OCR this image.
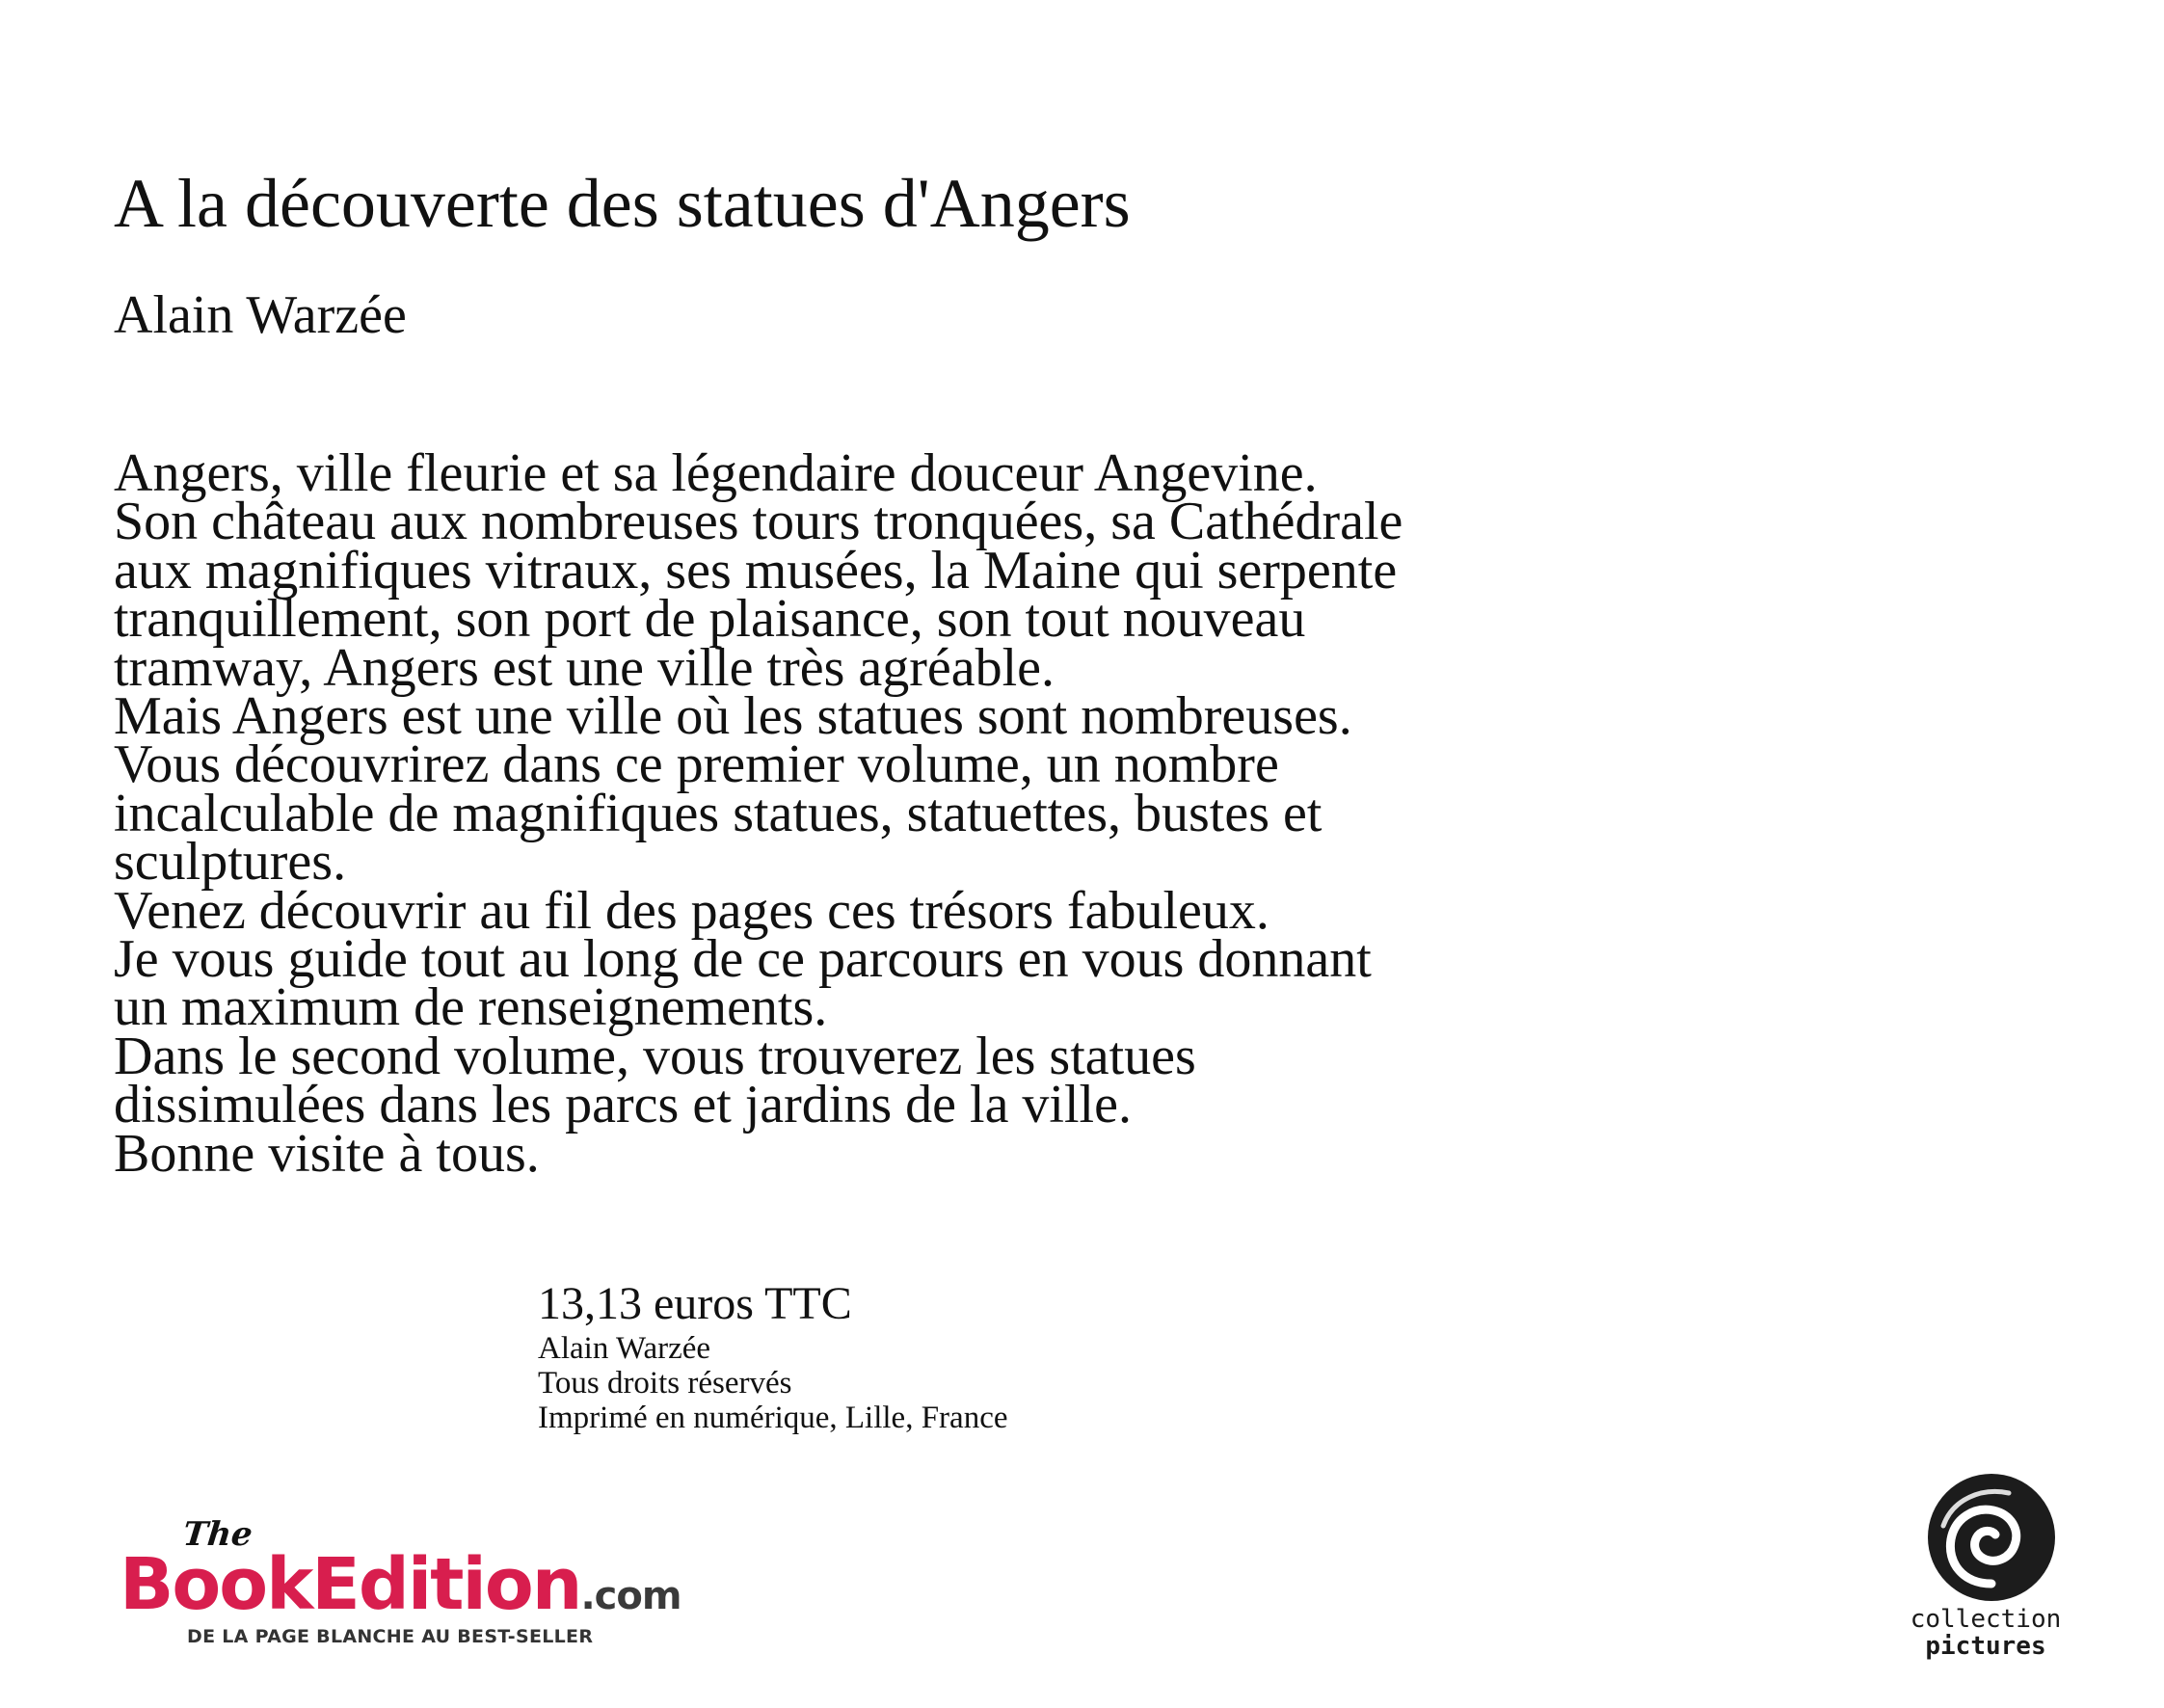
A la découverte des statues d'Angers
Alain Warzée
Angers, ville fleurie et sa légendaire douceur Angevine.
Son château aux nombreuses tours tronquées, sa Cathédrale
aux magnifiques vitraux, ses musées, la Maine qui serpente
tranquillement, son port de plaisance, son tout nouveau
tramway, Angers est une ville très agréable.
Mais Angers est une ville où les statues sont nombreuses.
Vous découvrirez dans ce premier volume, un nombre
incalculable de magnifiques statues, statuettes, bustes et
sculptures.
Venez découvrir au fil des pages ces trésors fabuleux.
Je vous guide tout au long de ce parcours en vous donnant
un maximum de renseignements.
Dans le second volume, vous trouverez les statues
dissimulées dans les parcs et jardins de la ville.
Bonne visite à tous.
13,13 euros TTC
Alain Warzée
Tous droits réservés
Imprimé en numérique, Lille, France
The
BookEdition.com
DE LA PAGE BLANCHE AU BEST-SELLER
collection
pictures
